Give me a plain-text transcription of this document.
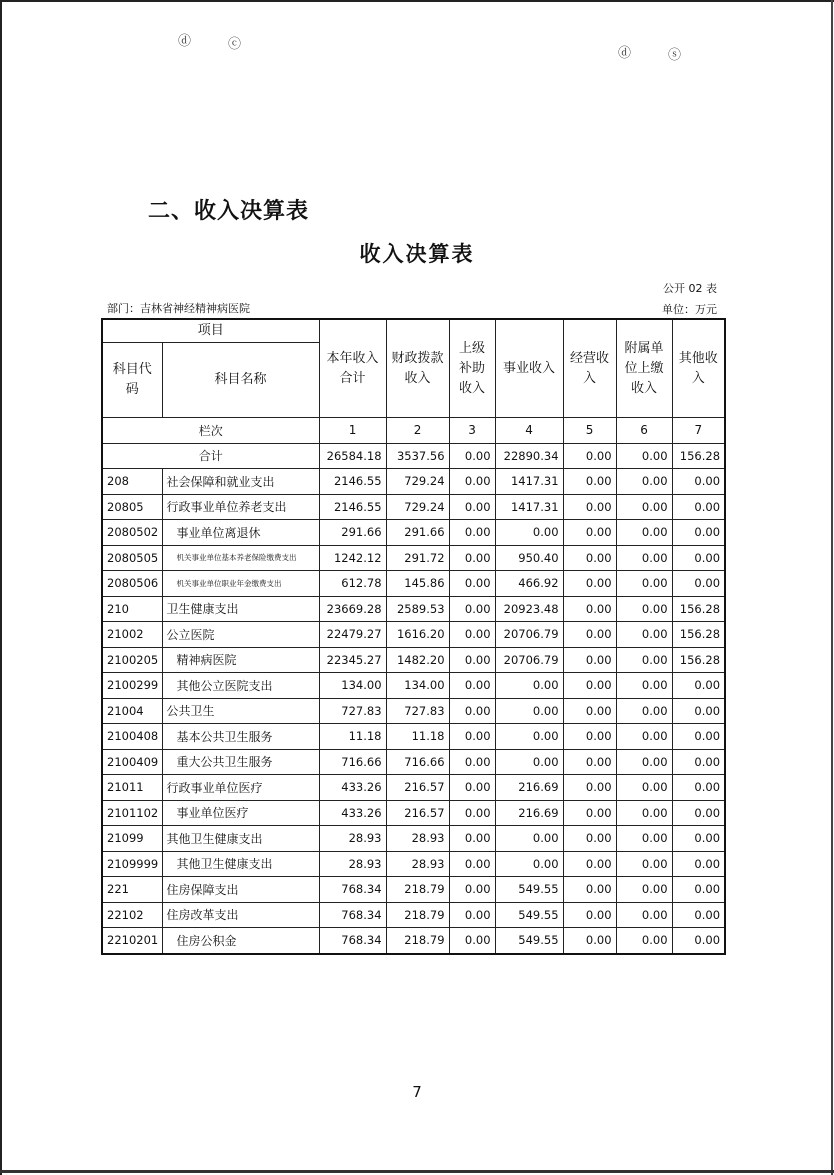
ⓓ	ⓒ
ⓓ	ⓢ
二、收入决算表
收入决算表
公开 02 表
部门：吉林省神经精神病医院	单位：万元
项目		本年收入合计	财政拨款收入	上级补助收入	事业收入	经营收入	附属单位上缴收入	其他收入
科目代码	科目名称							
栏次		1	2	3	4	5	6	7
合计		26584.18	3537.56	0.00	22890.34	0.00	0.00	156.28
208	社会保障和就业支出	2146.55	729.24	0.00	1417.31	0.00	0.00	0.00
20805	行政事业单位养老支出	2146.55	729.24	0.00	1417.31	0.00	0.00	0.00
2080502	事业单位离退休	291.66	291.66	0.00	0.00	0.00	0.00	0.00
2080505	机关事业单位基本养老保险缴费支出	1242.12	291.72	0.00	950.40	0.00	0.00	0.00
2080506	机关事业单位职业年金缴费支出	612.78	145.86	0.00	466.92	0.00	0.00	0.00
210	卫生健康支出	23669.28	2589.53	0.00	20923.48	0.00	0.00	156.28
21002	公立医院	22479.27	1616.20	0.00	20706.79	0.00	0.00	156.28
2100205	精神病医院	22345.27	1482.20	0.00	20706.79	0.00	0.00	156.28
2100299	其他公立医院支出	134.00	134.00	0.00	0.00	0.00	0.00	0.00
21004	公共卫生	727.83	727.83	0.00	0.00	0.00	0.00	0.00
2100408	基本公共卫生服务	11.18	11.18	0.00	0.00	0.00	0.00	0.00
2100409	重大公共卫生服务	716.66	716.66	0.00	0.00	0.00	0.00	0.00
21011	行政事业单位医疗	433.26	216.57	0.00	216.69	0.00	0.00	0.00
2101102	事业单位医疗	433.26	216.57	0.00	216.69	0.00	0.00	0.00
21099	其他卫生健康支出	28.93	28.93	0.00	0.00	0.00	0.00	0.00
2109999	其他卫生健康支出	28.93	28.93	0.00	0.00	0.00	0.00	0.00
221	住房保障支出	768.34	218.79	0.00	549.55	0.00	0.00	0.00
22102	住房改革支出	768.34	218.79	0.00	549.55	0.00	0.00	0.00
2210201	住房公积金	768.34	218.79	0.00	549.55	0.00	0.00	0.00
7
